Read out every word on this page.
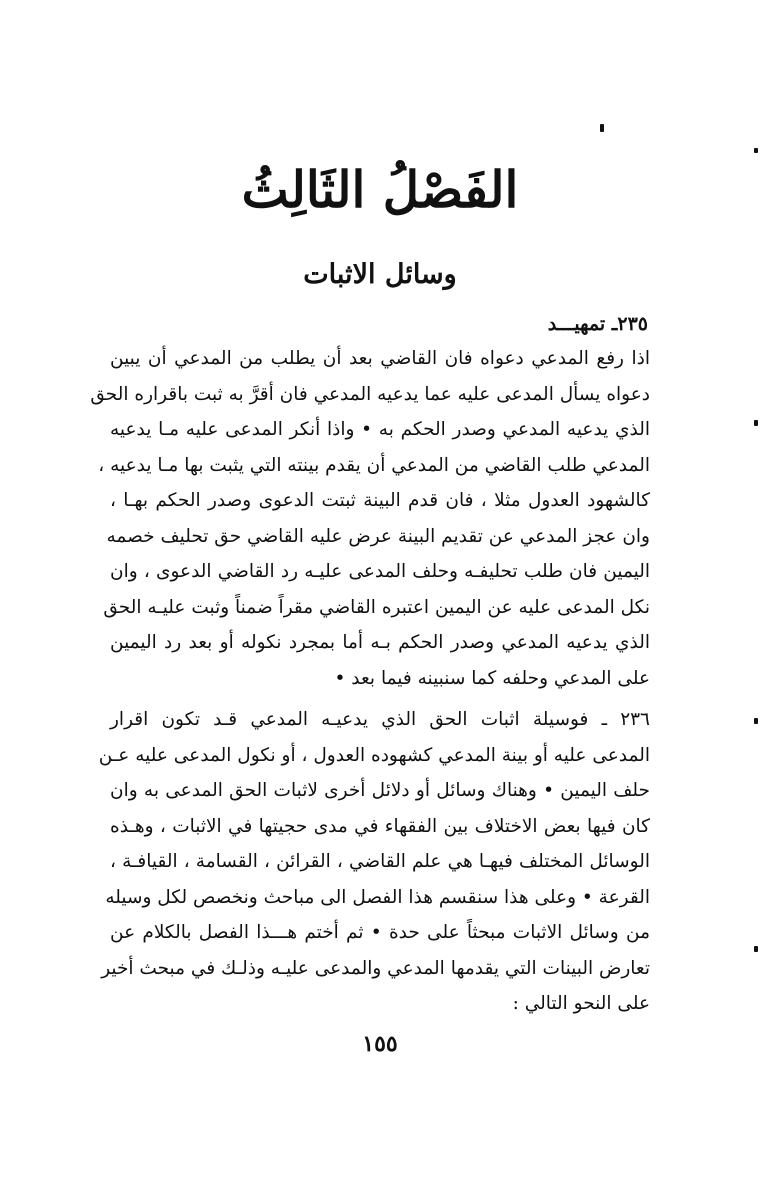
الفَصْلُ الثَالِثُ
وسائل الاثبات
٢٣٥ـ تمهيـــد
اذا رفع المدعي دعواه فان القاضي بعد أن يطلب من المدعي أن يبين
دعواه يسأل المدعى عليه عما يدعيه المدعي فان أقرَّ به ثبت باقراره الحق
الذي يدعيه المدعي وصدر الحكم به • واذا أنكر المدعى عليه مـا يدعيه
المدعي طلب القاضي من المدعي أن يقدم بينته التي يثبت بها مـا يدعيه ،
كالشهود العدول مثلا ، فان قدم البينة ثبتت الدعوى وصدر الحكم بهـا ،
وان عجز المدعي عن تقديم البينة عرض عليه القاضي حق تحليف خصمه
اليمين فان طلب تحليفـه وحلف المدعى عليـه رد القاضي الدعوى ، وان
نكل المدعى عليه عن اليمين اعتبره القاضي مقراً ضمناً وثبت عليـه الحق
الذي يدعيه المدعي وصدر الحكم بـه أما بمجرد نكوله أو بعد رد اليمين
على المدعي وحلفه كما سنبينه فيما بعد •
٢٣٦ ـ فوسيلة اثبات الحق الذي يدعيـه المدعي قـد تكون اقرار
المدعى عليه أو بينة المدعي كشهوده العدول ، أو نكول المدعى عليه عـن
حلف اليمين • وهناك وسائل أو دلائل أخرى لاثبات الحق المدعى به وان
كان فيها بعض الاختلاف بين الفقهاء في مدى حجيتها في الاثبات ، وهـذه
الوسائل المختلف فيهـا هي علم القاضي ، القرائن ، القسامة ، القيافـة ،
القرعة • وعلى هذا سنقسم هذا الفصل الى مباحث ونخصص لكل وسيله
من وسائل الاثبات مبحثاً على حدة • ثم أختم هـــذا الفصل بالكلام عن
تعارض البينات التي يقدمها المدعي والمدعى عليـه وذلـك في مبحث أخير
على النحو التالي :
١٥٥
